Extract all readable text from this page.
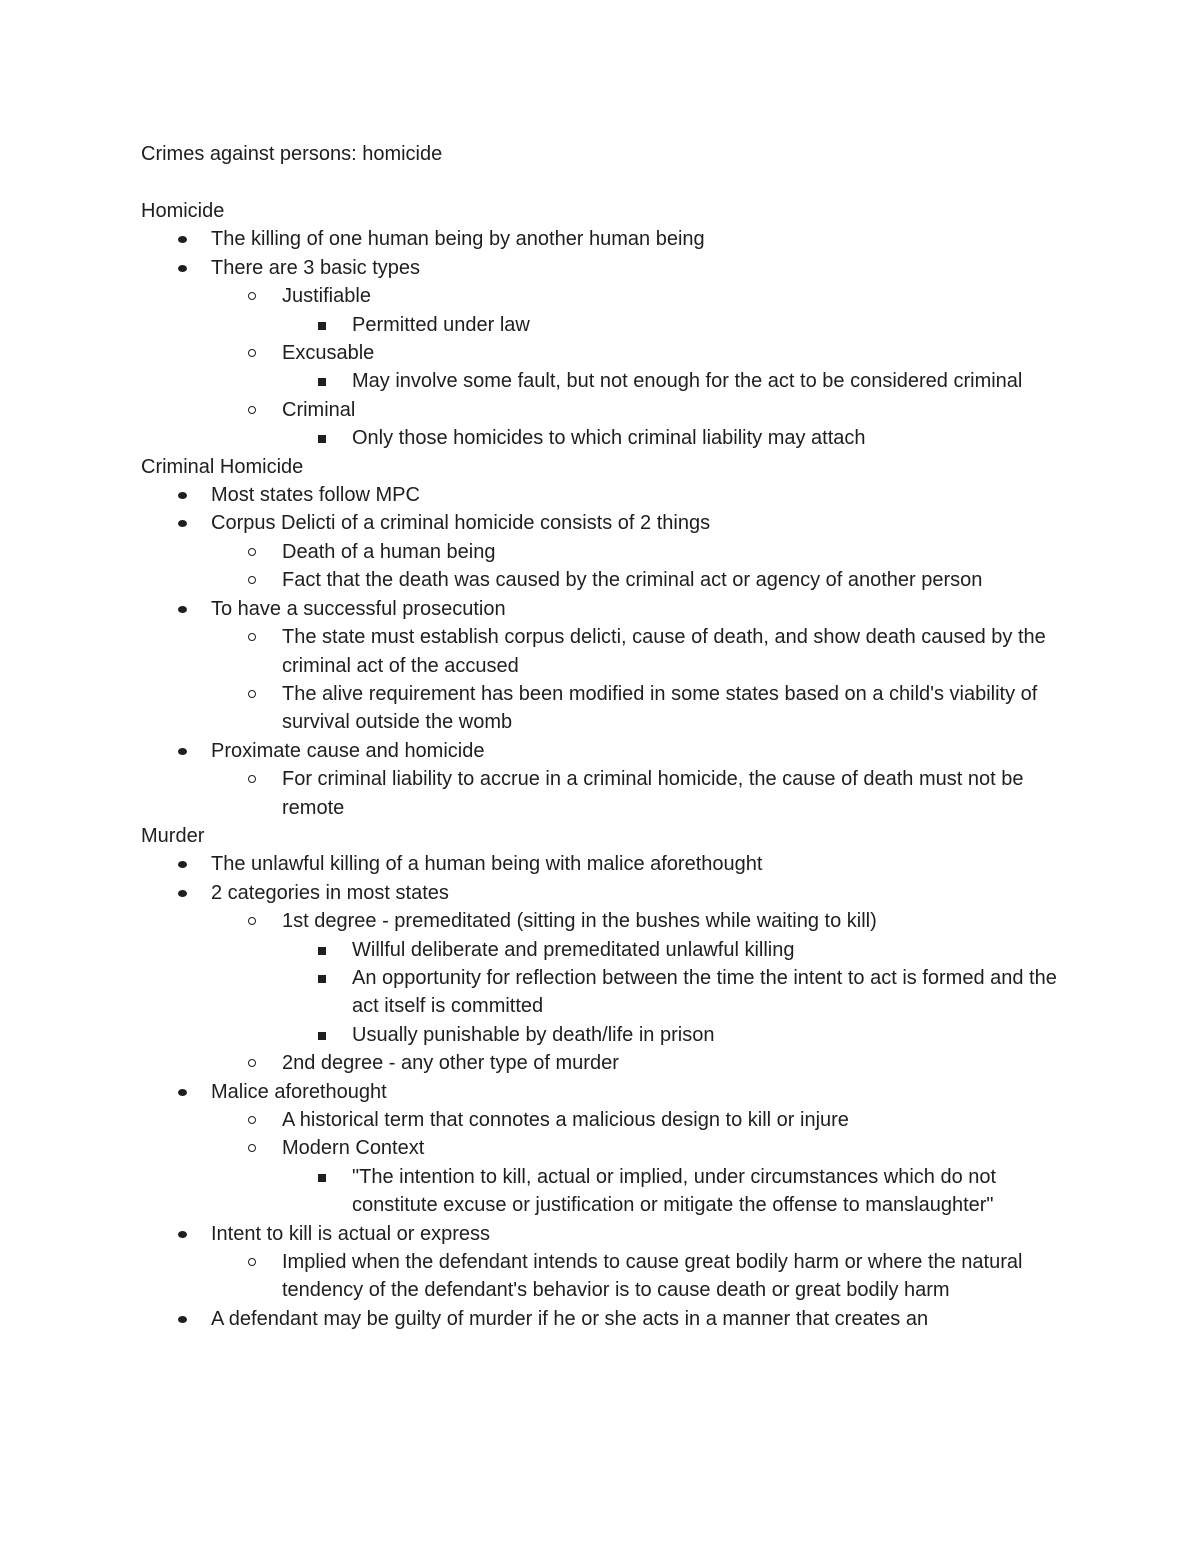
Crimes against persons: homicide
Homicide
The killing of one human being by another human being
There are 3 basic types
Justifiable
Permitted under law
Excusable
May involve some fault, but not enough for the act to be considered criminal
Criminal
Only those homicides to which criminal liability may attach
Criminal Homicide
Most states follow MPC
Corpus Delicti of a criminal homicide consists of 2 things
Death of a human being
Fact that the death was caused by the criminal act or agency of another person
To have a successful prosecution
The state must establish corpus delicti, cause of death, and show death caused by the criminal act of the accused
The alive requirement has been modified in some states based on a child's viability of survival outside the womb
Proximate cause and homicide
For criminal liability to accrue in a criminal homicide, the cause of death must not be remote
Murder
The unlawful killing of a human being with malice aforethought
2 categories in most states
1st degree - premeditated (sitting in the bushes while waiting to kill)
Willful deliberate and premeditated unlawful killing
An opportunity for reflection between the time the intent to act is formed and the act itself is committed
Usually punishable by death/life in prison
2nd degree - any other type of murder
Malice aforethought
A historical term that connotes a malicious design to kill or injure
Modern Context
"The intention to kill, actual or implied, under circumstances which do not constitute excuse or justification or mitigate the offense to manslaughter"
Intent to kill is actual or express
Implied when the defendant intends to cause great bodily harm or where the natural tendency of the defendant's behavior is to cause death or great bodily harm
A defendant may be guilty of murder if he or she acts in a manner that creates an
